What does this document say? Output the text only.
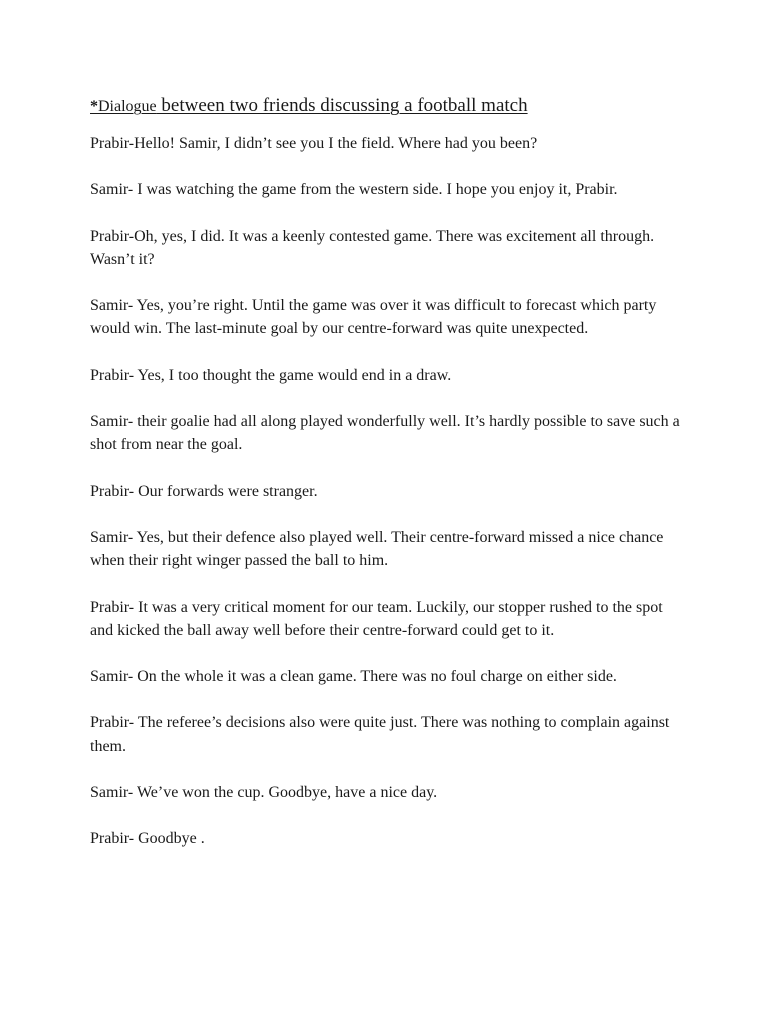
*Dialogue between two friends discussing a football match

Prabir-Hello! Samir, I didn’t see you I the field. Where had you been?

Samir- I was watching the game from the western side. I hope you enjoy it, Prabir.

Prabir-Oh, yes, I did. It was a keenly contested game. There was excitement all through. Wasn’t it?

Samir- Yes, you’re right. Until the game was over it was difficult to forecast which party would win. The last-minute goal by our centre-forward was quite unexpected.

Prabir- Yes, I too thought the game would end in a draw.

Samir- their goalie had all along played wonderfully well. It’s hardly possible to save such a shot from near the goal.

Prabir- Our forwards were stranger.

Samir- Yes, but their defence also played well. Their centre-forward missed a nice chance when their right winger passed the ball to him.

Prabir- It was a very critical moment for our team. Luckily, our stopper rushed to the spot and kicked the ball away well before their centre-forward could get to it.

Samir- On the whole it was a clean game. There was no foul charge on either side.

Prabir- The referee’s decisions also were quite just. There was nothing to complain against them.

Samir- We’ve won the cup. Goodbye, have a nice day.

Prabir- Goodbye .
